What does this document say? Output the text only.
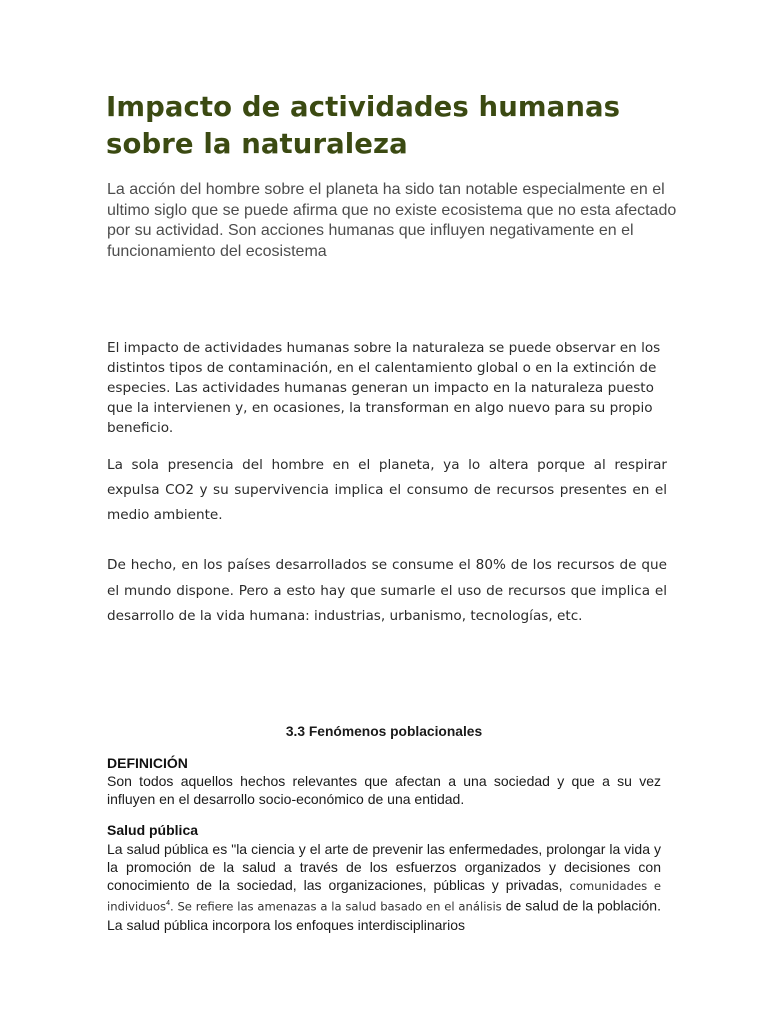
Impacto de actividades humanas sobre la naturaleza

La acción del hombre sobre el planeta ha sido tan notable especialmente en el ultimo siglo que se puede afirma que no existe ecosistema que no esta afectado por su actividad. Son acciones humanas que influyen negativamente en el funcionamiento del ecosistema

El impacto de actividades humanas sobre la naturaleza se puede observar en los distintos tipos de contaminación, en el calentamiento global o en la extinción de especies. Las actividades humanas generan un impacto en la naturaleza puesto que la intervienen y, en ocasiones, la transforman en algo nuevo para su propio beneficio.

La sola presencia del hombre en el planeta, ya lo altera porque al respirar expulsa CO2 y su supervivencia implica el consumo de recursos presentes en el medio ambiente.

De hecho, en los países desarrollados se consume el 80% de los recursos de que el mundo dispone. Pero a esto hay que sumarle el uso de recursos que implica el desarrollo de la vida humana: industrias, urbanismo, tecnologías, etc.

3.3 Fenómenos poblacionales
DEFINICIÓN

Son todos aquellos hechos relevantes que afectan a una sociedad y que a su vez influyen en el desarrollo socio-económico de una entidad.

Salud pública

La salud pública es "la ciencia y el arte de prevenir las enfermedades, prolongar la vida y la promoción de la salud a través de los esfuerzos organizados y decisiones con conocimiento de la sociedad, las organizaciones, públicas y privadas, comunidades e individuos$^4$. Se refiere las amenazas a la salud basado en el análisis de salud de la población. La salud pública incorpora los enfoques interdisciplinarios
